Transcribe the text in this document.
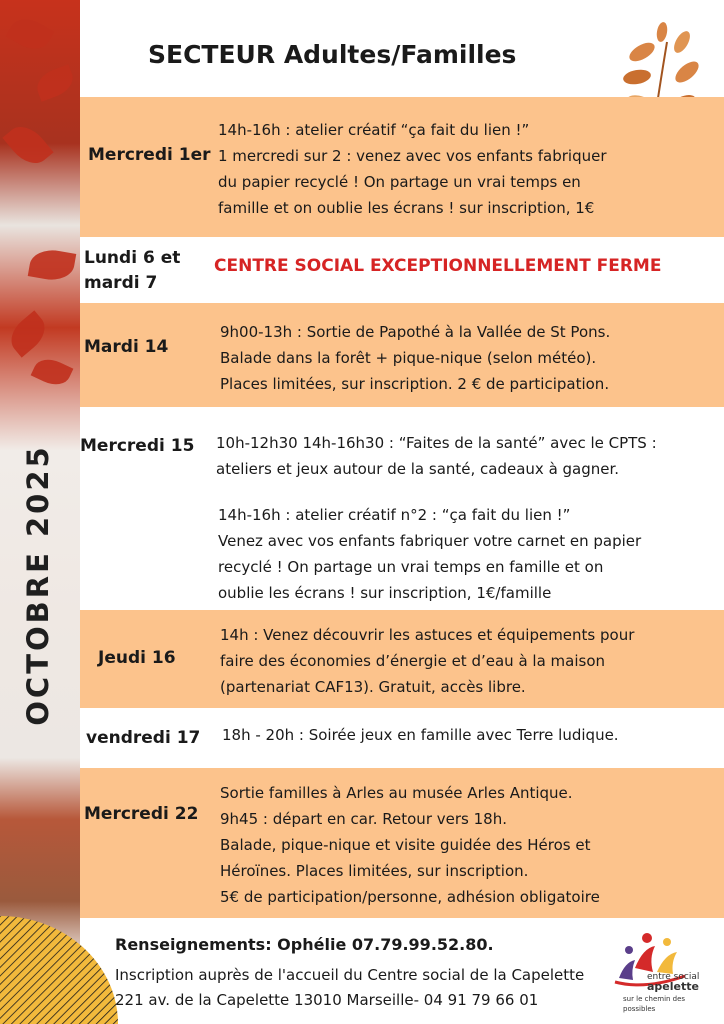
OCTOBRE 2025
SECTEUR Adultes/Familles
Mercredi 1er
14h-16h : atelier créatif “ça fait du lien !”
1 mercredi sur 2 : venez avec vos enfants fabriquer
du papier recyclé ! On partage un vrai temps en
famille et on oublie les écrans ! sur inscription, 1€
Lundi 6 et
mardi 7
CENTRE SOCIAL EXCEPTIONNELLEMENT FERME
Mardi 14
9h00-13h : Sortie de Papothé à la Vallée de St Pons.
Balade dans la forêt + pique-nique (selon météo).
Places limitées, sur inscription. 2 € de participation.
Mercredi 15 10h-12h30 14h-16h30 : “Faites de la santé” avec le CPTS :
ateliers et jeux autour de la santé, cadeaux à gagner.
14h-16h : atelier créatif n°2 : “ça fait du lien !”
Venez avec vos enfants fabriquer votre carnet en papier
recyclé ! On partage un vrai temps en famille et on
oublie les écrans ! sur inscription, 1€/famille
Jeudi 16
14h : Venez découvrir les astuces et équipements pour
faire des économies d’énergie et d’eau à la maison
(partenariat CAF13). Gratuit, accès libre.
vendredi 17 18h - 20h : Soirée jeux en famille avec Terre ludique.
Mercredi 22
Sortie familles à Arles au musée Arles Antique.
9h45 : départ en car. Retour vers 18h.
Balade, pique-nique et visite guidée des Héros et
Héroïnes. Places limitées, sur inscription.
5€ de participation/personne, adhésion obligatoire
Renseignements: Ophélie 07.79.99.52.80.
Inscription auprès de l'accueil du Centre social de la Capelette
221 av. de la Capelette 13010 Marseille- 04 91 79 66 01
entre social
apelette
sur le chemin des possibles
